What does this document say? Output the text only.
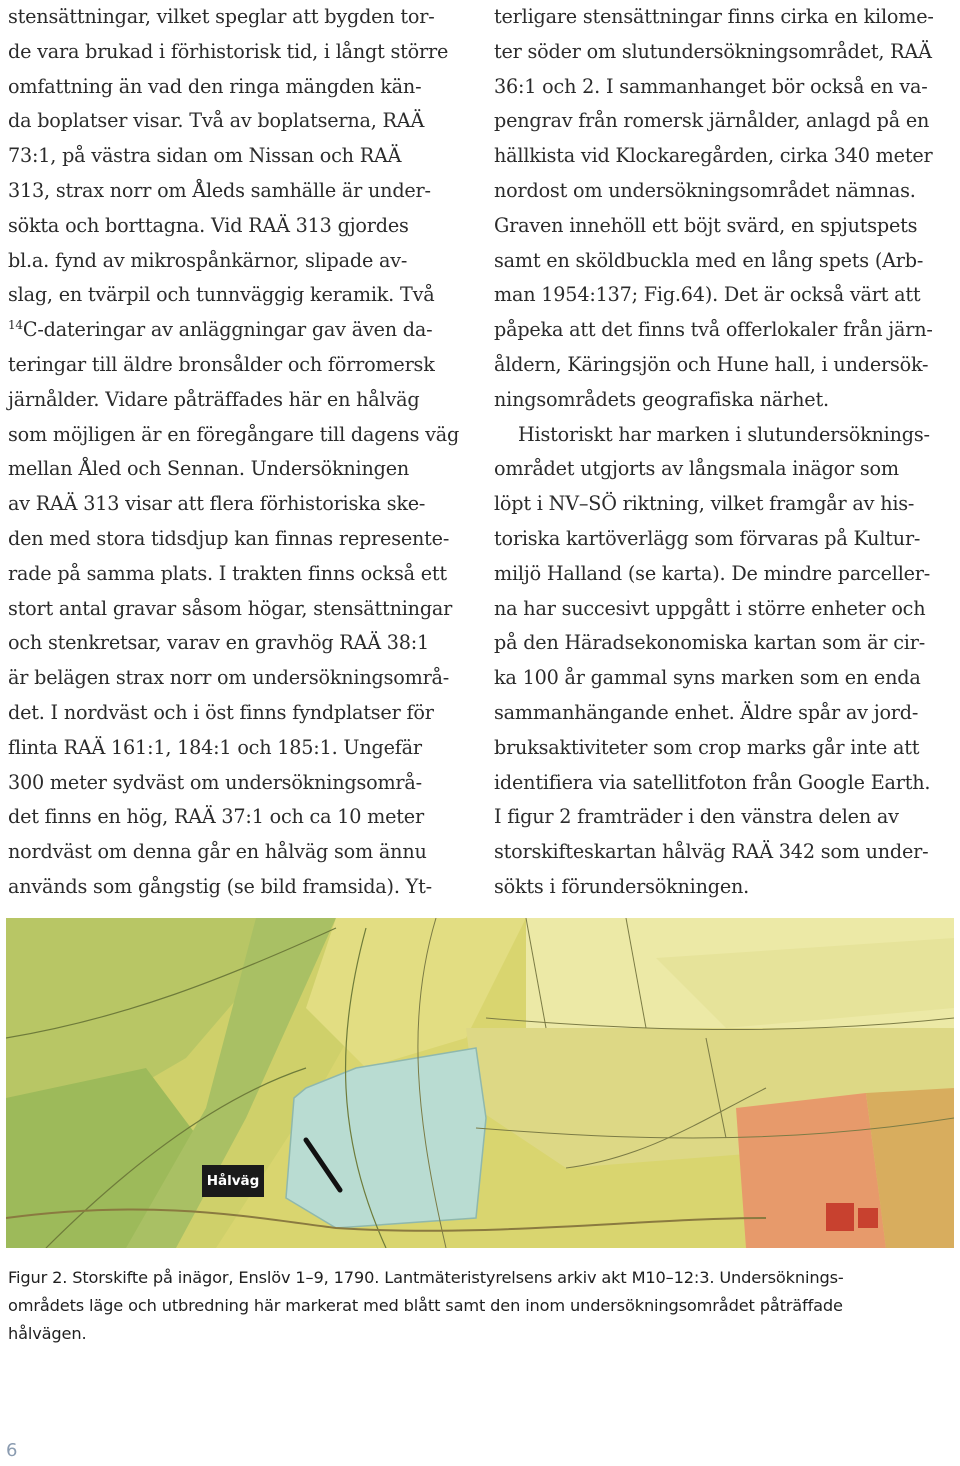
stensättningar, vilket speglar att bygden tor-
de vara brukad i förhistorisk tid, i långt större
omfattning än vad den ringa mängden kän-
da boplatser visar. Två av boplatserna, RAÄ
73:1, på västra sidan om Nissan och RAÄ
313, strax norr om Åleds samhälle är under-
sökta och borttagna. Vid RAÄ 313 gjordes
bl.a. fynd av mikrospånkärnor, slipade av-
slag, en tvärpil och tunnväggig keramik. Två
$^{14}$C-dateringar av anläggningar gav även da-
teringar till äldre bronsålder och förromersk
järnålder. Vidare påträffades här en hålväg
som möjligen är en föregångare till dagens väg
mellan Åled och Sennan. Undersökningen
av RAÄ 313 visar att flera förhistoriska ske-
den med stora tidsdjup kan finnas represente-
rade på samma plats. I trakten finns också ett
stort antal gravar såsom högar, stensättningar
och stenkretsar, varav en gravhög RAÄ 38:1
är belägen strax norr om undersökningsområ-
det. I nordväst och i öst finns fyndplatser för
flinta RAÄ 161:1, 184:1 och 185:1. Ungefär
300 meter sydväst om undersökningsområ-
det finns en hög, RAÄ 37:1 och ca 10 meter
nordväst om denna går en hålväg som ännu
används som gångstig (se bild framsida). Yt-
terligare stensättningar finns cirka en kilome-
ter söder om slutundersökningsområdet, RAÄ
36:1 och 2. I sammanhanget bör också en va-
pengrav från romersk järnålder, anlagd på en
hällkista vid Klockaregården, cirka 340 meter
nordost om undersökningsområdet nämnas.
Graven innehöll ett böjt svärd, en spjutspets
samt en sköldbuckla med en lång spets (Arb-
man 1954:137; Fig.64). Det är också värt att
påpeka att det finns två offerlokaler från järn-
åldern, Käringsjön och Hune hall, i undersök-
ningsområdets geografiska närhet.
Historiskt har marken i slutundersöknings-
området utgjorts av långsmala inägor som
löpt i NV–SÖ riktning, vilket framgår av his-
toriska kartöverlägg som förvaras på Kultur-
miljö Halland (se karta). De mindre parceller-
na har succesivt uppgått i större enheter och
på den Häradsekonomiska kartan som är cir-
ka 100 år gammal syns marken som en enda
sammanhängande enhet. Äldre spår av jord-
bruksaktiviteter som crop marks går inte att
identifiera via satellitfoton från Google Earth.
I figur 2 framträder i den vänstra delen av
storskifteskartan hålväg RAÄ 342 som under-
sökts i förundersökningen.
Hålväg
Figur 2. Storskifte på inägor, Enslöv 1–9, 1790. Lantmäteristyrelsens arkiv akt M10–12:3. Undersöknings-
områdets läge och utbredning här markerat med blått samt den inom undersökningsområdet påträffade
hålvägen.
6
